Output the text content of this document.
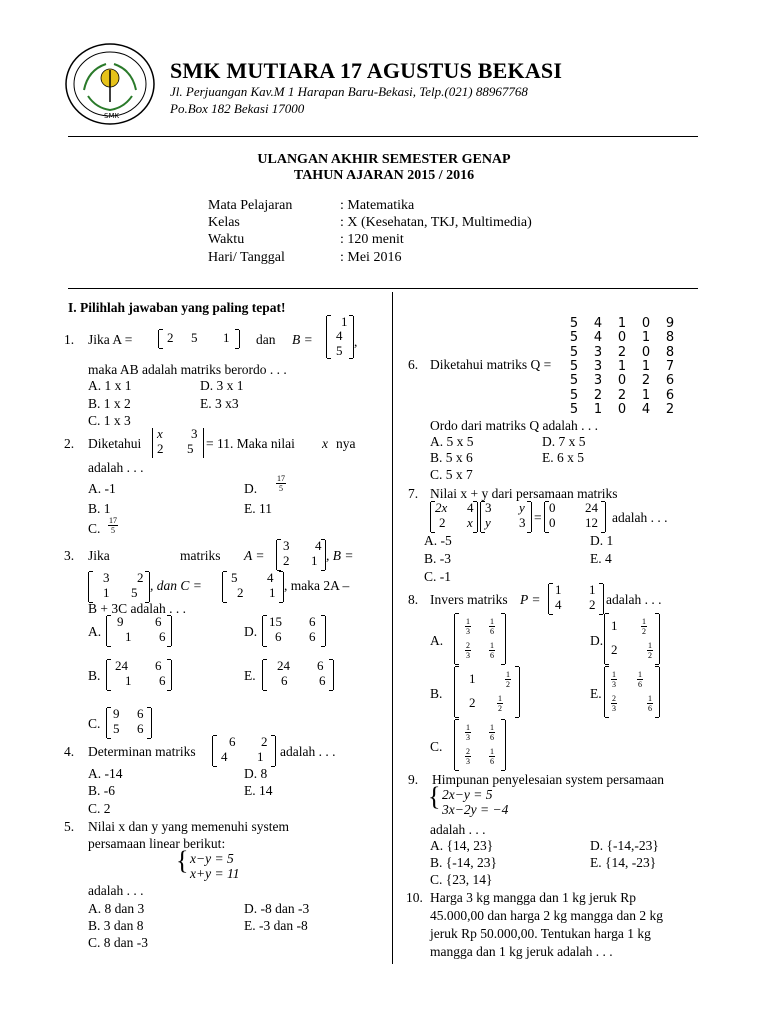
SMK
SMK MUTIARA 17 AGUSTUS BEKASI
Jl. Perjuangan Kav.M 1 Harapan Baru-Bekasi, Telp.(021) 88967768
Po.Box 182 Bekasi 17000
ULANGAN AKHIR SEMESTER GENAP
TAHUN AJARAN 2015 / 2016
Mata Pelajaran	: Matematika
Kelas	: X (Kesehatan, TKJ, Multimedia)
Waktu	: 120 menit
Hari/ Tanggal	: Mei 2016
I. Pilihlah jawaban yang paling tepat!
1. Jika A =	2 5 1 dan B =
1
4
5
,
maka AB adalah matriks berordo . . .
A. 1 x 1	D. 3 x 1
B. 1 x 2	E. 3 x3
C. 1 x 3
2. Diketahui
x 3
2 5 = 11. Maka nilai x nya
adalah . . .
A. -1	D. $\frac{17}{5}$
B. 1	E. 11
C. $\frac{17}{5}$
3. Jika	matriks A =
3 4
2 1 , B =
3 2
1 5 , dan C =
5 4
2 1 , maka 2A –
B + 3C adalah . . .
A.
9 6
1 6	D.
15 6
6 6
B.
24 6
1 6	E.
24 6
6 6
C.
9 6
5 6
4. Determinan matriks
6 2
4 1 adalah . . .
A. -14	D. 8
B. -6	E. 14
C. 2
5. Nilai x dan y yang memenuhi system
persamaan linear berikut:
{ x−y = 5
x+y = 11
adalah . . .
A. 8 dan 3	D. -8 dan -3
B. 3 dan 8	E. -3 dan -8
C. 8 dan -3
6. Diketahui matriks Q =
5 4 1 0 9
5 4 0 1 8
5 3 2 0 8
5 3 1 1 7
5 3 0 2 6
5 2 2 1 6
5 1 0 4 2
Ordo dari matriks Q adalah . . .
A. 5 x 5	D. 7 x 5
B. 5 x 6	E. 6 x 5
C. 5 x 7
7. Nilai x + y dari persamaan matriks
2x 4
2 x
3 y
y 3 =
0 24
0 12 adalah . . .
A. -5	D. 1
B. -3	E. 4
C. -1
8. Invers matriks P =
1 1
4 2 adalah . . .
A.
$\frac{1}{3} \frac{1}{6}$
$\frac{2}{3} \frac{1}{6}$
D.
1	$\frac{1}{2}$
2	$\frac{1}{2}$
B.
1	$\frac{1}{2}$
2	$\frac{1}{2}$
E.
$\frac{1}{3}$	$\frac{1}{6}$
$\frac{2}{3}$	$\frac{1}{6}$
C.
$\frac{1}{3} \frac{1}{6}$
$\frac{2}{3} \frac{1}{6}$
9. Himpunan penyelesaian system persamaan
{ 2x−y = 5
3x−2y = −4
adalah . . .
A. {14, 23}	D. {-14,-23}
B. {-14, 23}	E. {14, -23}
C. {23, 14}
10. Harga 3 kg mangga dan 1 kg jeruk Rp
45.000,00 dan harga 2 kg mangga dan 2 kg
jeruk Rp 50.000,00. Tentukan harga 1 kg
mangga dan 1 kg jeruk adalah . . .
